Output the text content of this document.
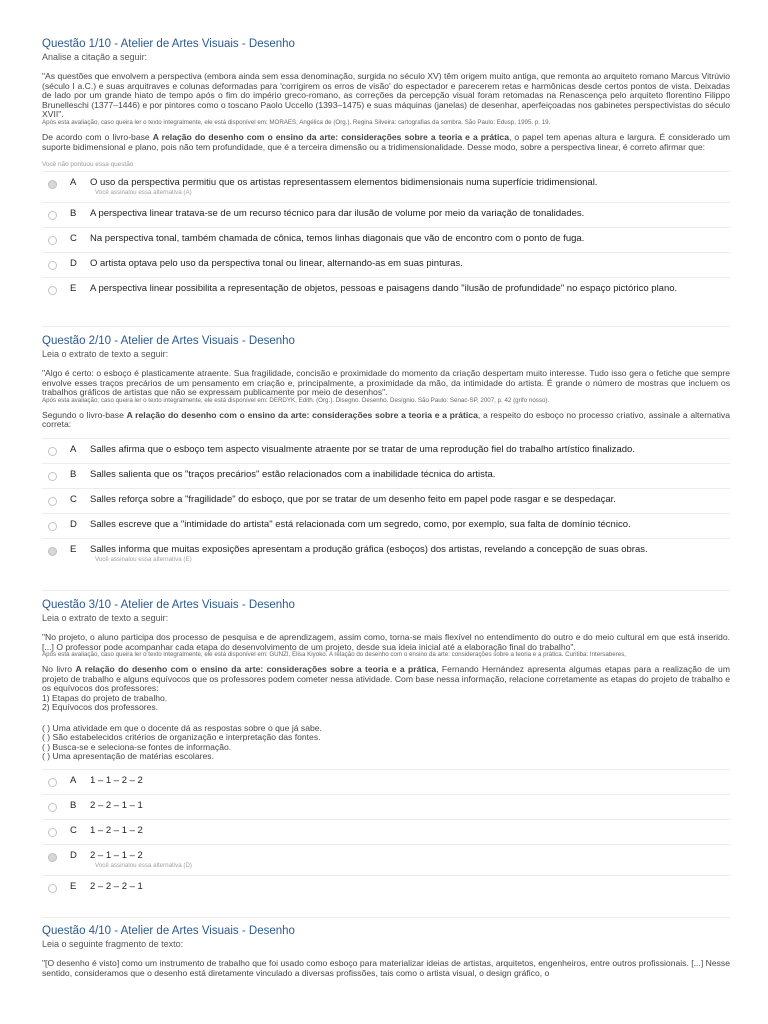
Questão 1/10 - Atelier de Artes Visuais - Desenho
Analise a citação a seguir:
"As questões que envolvem a perspectiva (embora ainda sem essa denominação, surgida no século XV) têm origem muito antiga, que remonta ao arquiteto romano Marcus Vitrúvio (século I a.C.) e suas arquitraves e colunas deformadas para 'corrigirem os erros de visão' do espectador e parecerem retas e harmônicas desde certos pontos de vista. Deixadas de lado por um grande hiato de tempo após o fim do império greco-romano, as correções da percepção visual foram retomadas na Renascença pelo arquiteto florentino Filippo Brunelleschi (1377–1446) e por pintores como o toscano Paolo Uccello (1393–1475) e suas máquinas (janelas) de desenhar, aperfeiçoadas nos gabinetes perspectivistas do século XVII".
Após esta avaliação, caso queira ler o texto integralmente, ele está disponível em: MORAES, Angélica de (Org.). Regina Silveira: cartografias da sombra. São Paulo: Edusp, 1995. p. 19.
De acordo com o livro-base A relação do desenho com o ensino da arte: considerações sobre a teoria e a prática, o papel tem apenas altura e largura. É considerado um suporte bidimensional e plano, pois não tem profundidade, que é a terceira dimensão ou a tridimensionalidade. Desse modo, sobre a perspectiva linear, é correto afirmar que:
Você não pontuou essa questão
A O uso da perspectiva permitiu que os artistas representassem elementos bidimensionais numa superfície tridimensional.
Você assinalou essa alternativa (A)
B A perspectiva linear tratava-se de um recurso técnico para dar ilusão de volume por meio da variação de tonalidades.
C Na perspectiva tonal, também chamada de cônica, temos linhas diagonais que vão de encontro com o ponto de fuga.
D O artista optava pelo uso da perspectiva tonal ou linear, alternando-as em suas pinturas.
E A perspectiva linear possibilita a representação de objetos, pessoas e paisagens dando "ilusão de profundidade" no espaço pictórico plano.
Questão 2/10 - Atelier de Artes Visuais - Desenho
Leia o extrato de texto a seguir:
"Algo é certo: o esboço é plasticamente atraente. Sua fragilidade, concisão e proximidade do momento da criação despertam muito interesse. Tudo isso gera o fetiche que sempre envolve esses traços precários de um pensamento em criação e, principalmente, a proximidade da mão, da intimidade do artista. É grande o número de mostras que incluem os trabalhos gráficos de artistas que não se expressam publicamente por meio de desenhos".
Após esta avaliação, caso queira ler o texto integralmente, ele está disponível em: DERDYK, Edith. (Org.). Disegno. Desenho. Desígnio. São Paulo: Senac-SP, 2007, p. 42 (grifo nosso).
Segundo o livro-base A relação do desenho com o ensino da arte: considerações sobre a teoria e a prática, a respeito do esboço no processo criativo, assinale a alternativa correta:
A Salles afirma que o esboço tem aspecto visualmente atraente por se tratar de uma reprodução fiel do trabalho artístico finalizado.
B Salles salienta que os "traços precários" estão relacionados com a inabilidade técnica do artista.
C Salles reforça sobre a "fragilidade" do esboço, que por se tratar de um desenho feito em papel pode rasgar e se despedaçar.
D Salles escreve que a "intimidade do artista" está relacionada com um segredo, como, por exemplo, sua falta de domínio técnico.
E Salles informa que muitas exposições apresentam a produção gráfica (esboços) dos artistas, revelando a concepção de suas obras.
Você assinalou essa alternativa (E)
Questão 3/10 - Atelier de Artes Visuais - Desenho
Leia o extrato de texto a seguir:
"No projeto, o aluno participa dos processo de pesquisa e de aprendizagem, assim como, torna-se mais flexível no entendimento do outro e do meio cultural em que está inserido. [...] O professor pode acompanhar cada etapa do desenvolvimento de um projeto, desde sua ideia inicial até a elaboração final do trabalho".
Após esta avaliação, caso queira ler o texto integralmente, ele está disponível em: GUNZI, Elisa Kiyoko. A relação do desenho com o ensino da arte: considerações sobre a teoria e a prática. Curitiba: Intersaberes,
No livro A relação do desenho com o ensino da arte: considerações sobre a teoria e a prática, Fernando Hernández apresenta algumas etapas para a realização de um projeto de trabalho e alguns equívocos que os professores podem cometer nessa atividade. Com base nessa informação, relacione corretamente as etapas do projeto de trabalho e os equívocos dos professores:
1) Etapas do projeto de trabalho.
2) Equívocos dos professores.
( ) Uma atividade em que o docente dá as respostas sobre o que já sabe.
( ) São estabelecidos critérios de organização e interpretação das fontes.
( ) Busca-se e seleciona-se fontes de informação.
( ) Uma apresentação de matérias escolares.
A 1 – 1 – 2 – 2
B 2 – 2 – 1 – 1
C 1 – 2 – 1 – 2
D 2 – 1 – 1 – 2
Você assinalou essa alternativa (D)
E 2 – 2 – 2 – 1
Questão 4/10 - Atelier de Artes Visuais - Desenho
Leia o seguinte fragmento de texto:
"[O desenho é visto] como um instrumento de trabalho que foi usado como esboço para materializar ideias de artistas, arquitetos, engenheiros, entre outros profissionais. [...] Nesse sentido, consideramos que o desenho está diretamente vinculado a diversas profissões, tais como o artista visual, o design gráfico, o
